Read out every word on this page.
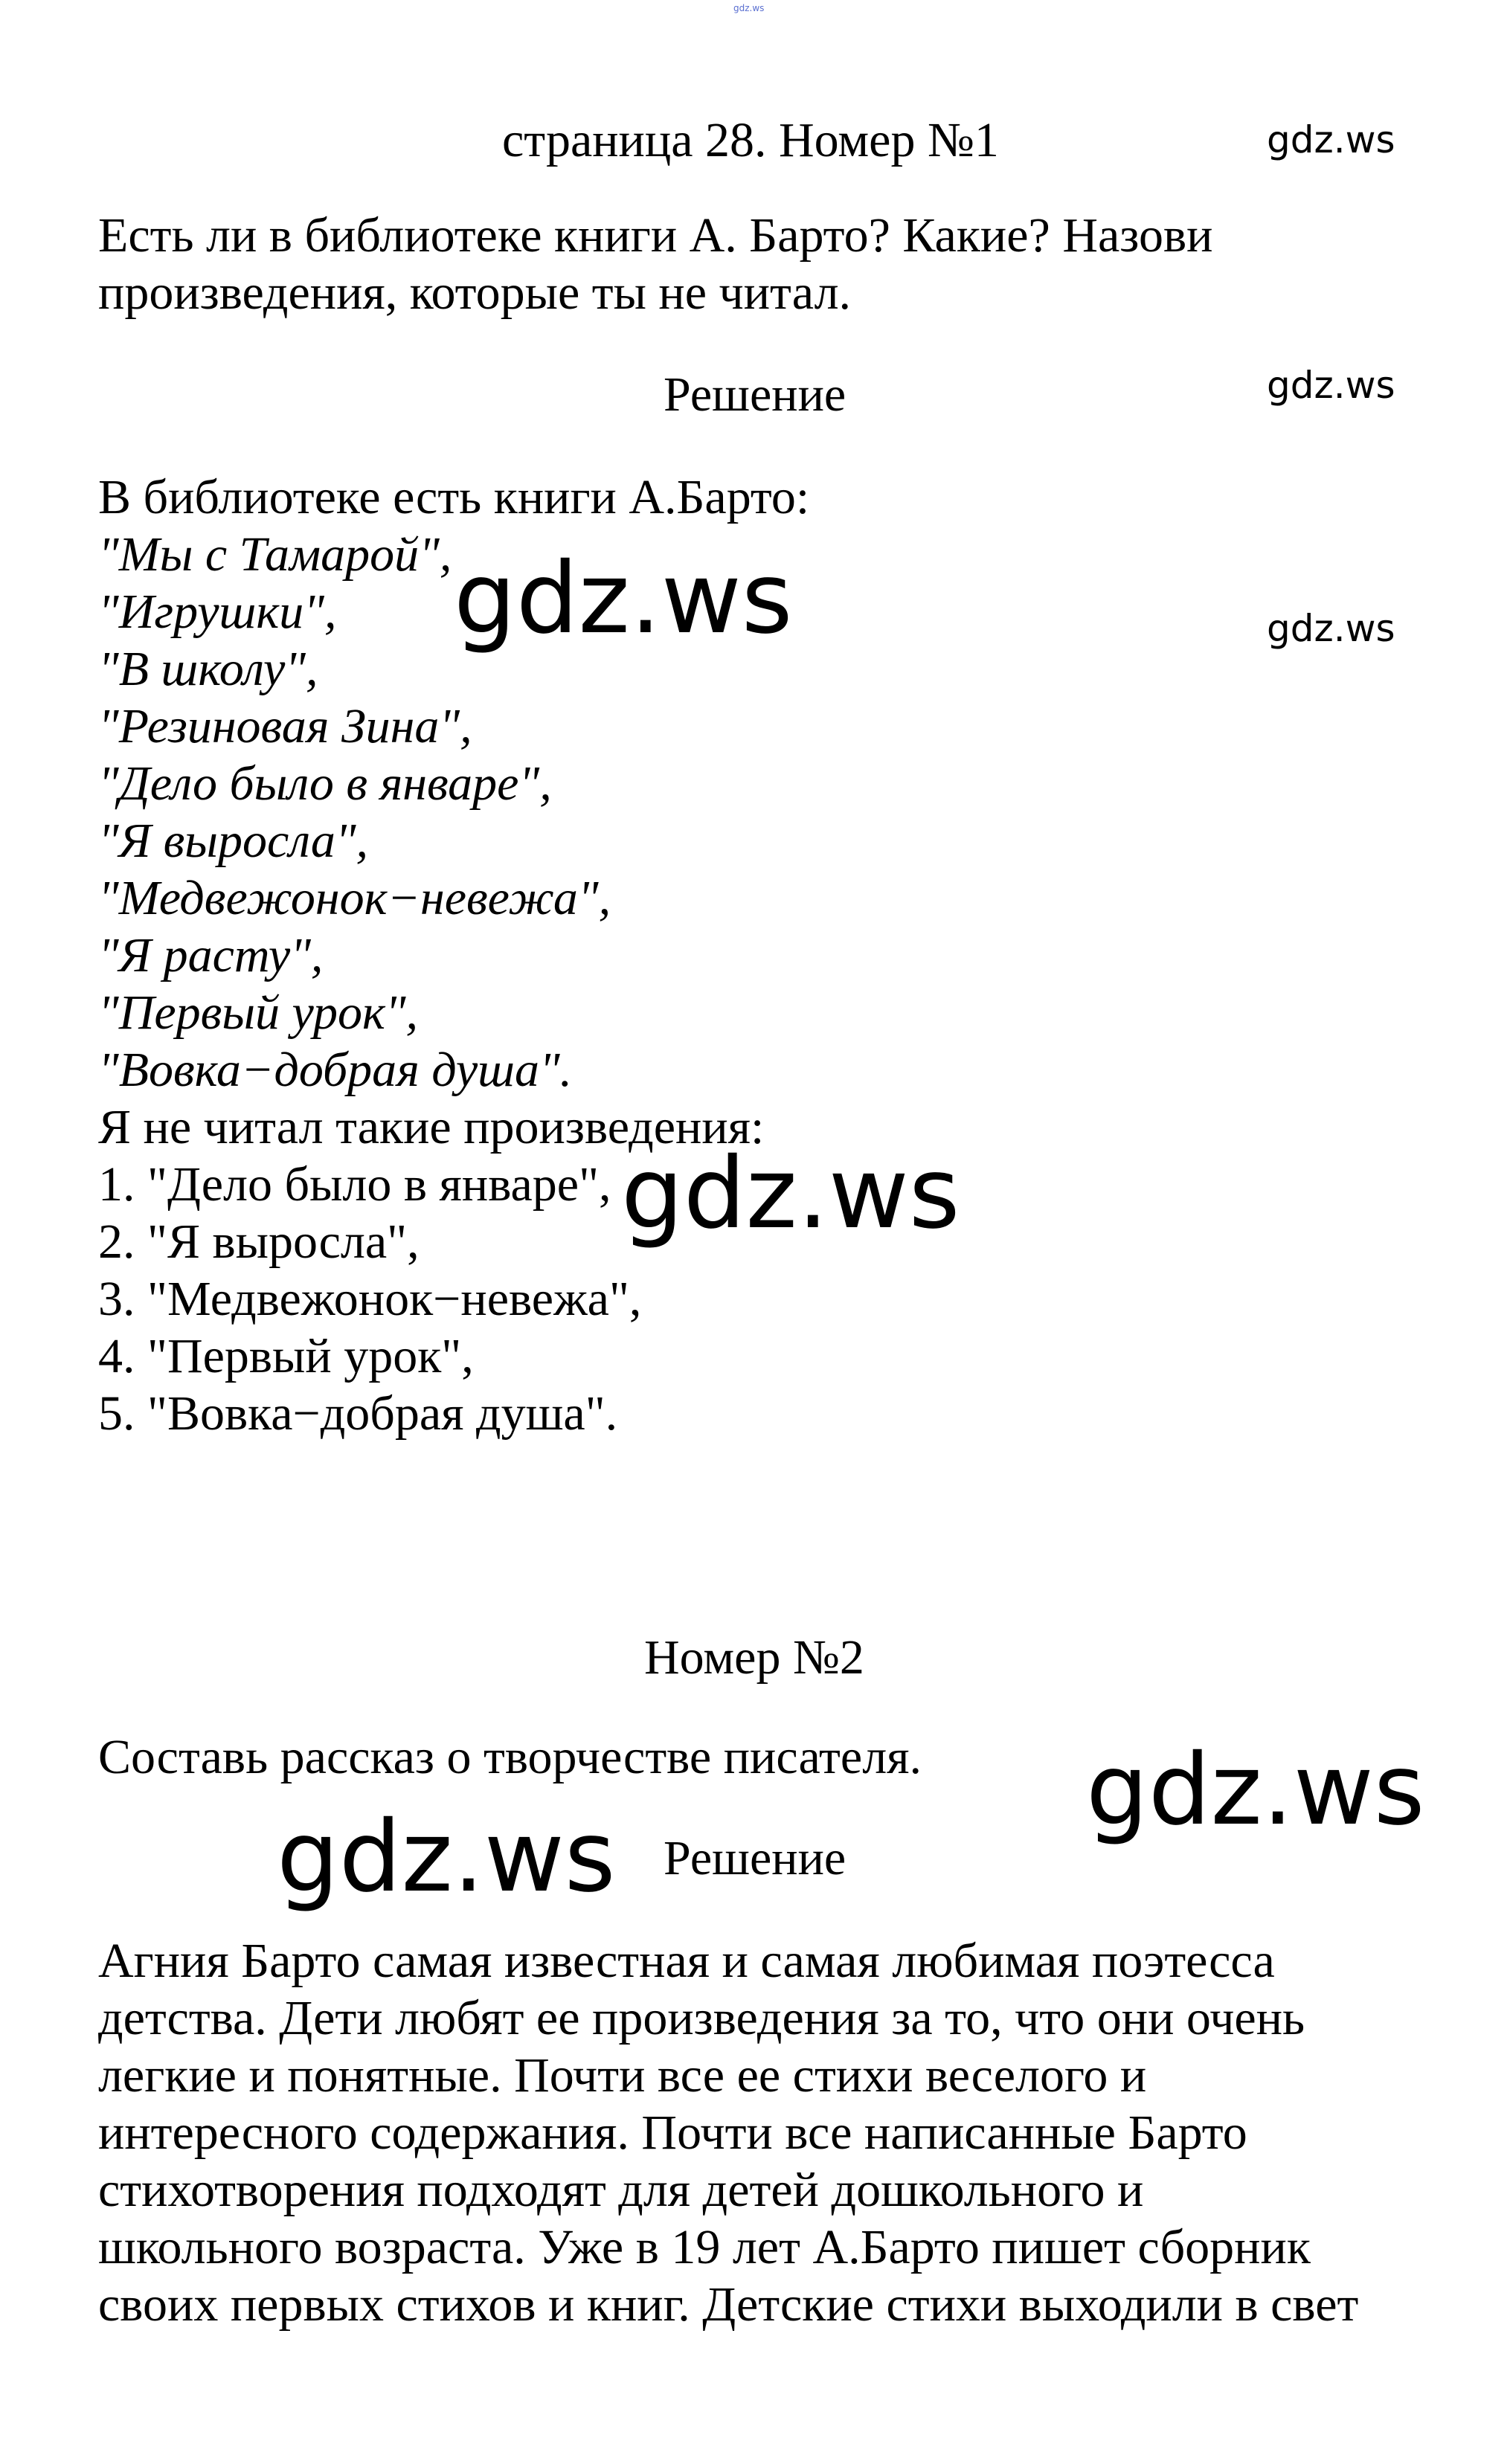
gdz.ws
страница 28. Номер №1	gdz.ws
gdz.ws
gdz.ws
Есть ли в библиотеке книги А. Барто? Какие? Назови
произведения, которые ты не читал.
Решение
В библиотеке есть книги А.Барто:
"Мы с Тамарой",
"Игрушки",
"В школу",
"Резиновая Зина",
"Дело было в январе",
"Я выросла",
"Медвежонок−невежа",
"Я расту",
"Первый урок",
"Вовка−добрая душа".
Я не читал такие произведения:
1. "Дело было в январе",
2. "Я выросла",
3. "Медвежонок−невежа",
4. "Первый урок",
5. "Вовка−добрая душа".
gdz.ws
gdz.ws
Номер №2
Составь рассказ о творчестве писателя. gdz.ws
gdz.ws Решение
Агния Барто самая известная и самая любимая поэтесса
детства. Дети любят ее произведения за то, что они очень
легкие и понятные. Почти все ее стихи веселого и
интересного содержания. Почти все написанные Барто
стихотворения подходят для детей дошкольного и
школьного возраста. Уже в 19 лет А.Барто пишет сборник
своих первых стихов и книг. Детские стихи выходили в свет
